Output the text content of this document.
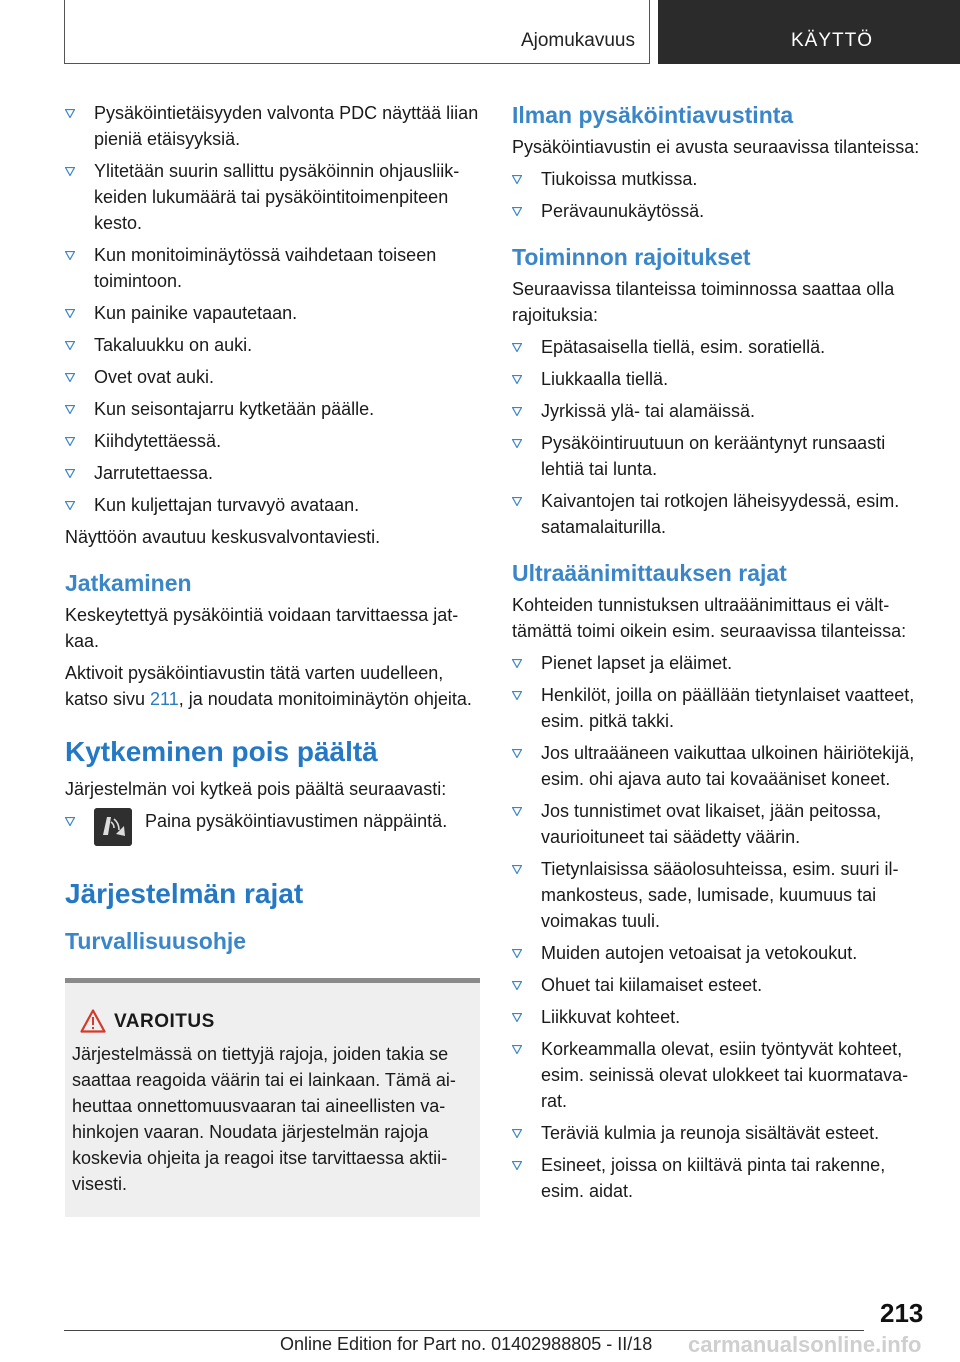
Ajomukavuus	KÄYTTÖ
Pysäköintietäisyyden valvonta PDC näyttää liian pieniä etäisyyksiä.
Ylitetään suurin sallittu pysäköinnin ohjausliikkeiden lukumäärä tai pysäköintitoimenpiteen kesto.
Kun monitoiminäytössä vaihdetaan toiseen toimintoon.
Kun painike vapautetaan.
Takaluukku on auki.
Ovet ovat auki.
Kun seisontajarru kytketään päälle.
Kiihdytettäessä.
Jarrutettaessa.
Kun kuljettajan turvavyö avataan.

Näyttöön avautuu keskusvalvontaviesti.

Jatkaminen

Keskeytettyä pysäköintiä voidaan tarvittaessa jatkaa.

Aktivoit pysäköintiavustin tätä varten uudelleen, katso sivu 211, ja noudata monitoiminäytön ohjeita.

Kytkeminen pois päältä

Järjestelmän voi kytkeä pois päältä seuraavasti:

Paina pysäköintiavustimen näppäintä.
Järjestelmän rajat
Turvallisuusohje
VAROITUS

Järjestelmässä on tiettyjä rajoja, joiden takia se saattaa reagoida väärin tai ei lainkaan. Tämä aiheuttaa onnettomuusvaaran tai aineellisten vahinkojen vaaran. Noudata järjestelmän rajoja koskevia ohjeita ja reagoi itse tarvittaessa aktiivisesti.

Ilman pysäköintiavustinta

Pysäköintiavustin ei avusta seuraavissa tilanteissa:

Tiukoissa mutkissa.
Perävaunukäytössä.
Toiminnon rajoitukset

Seuraavissa tilanteissa toiminnossa saattaa olla rajoituksia:

Epätasaisella tiellä, esim. soratiellä.
Liukkaalla tiellä.
Jyrkissä ylä- tai alamäissä.
Pysäköintiruutuun on kerääntynyt runsaasti lehtiä tai lunta.
Kaivantojen tai rotkojen läheisyydessä, esim. satamalaiturilla.
Ultraäänimittauksen rajat

Kohteiden tunnistuksen ultraäänimittaus ei välttämättä toimi oikein esim. seuraavissa tilanteissa:

Pienet lapset ja eläimet.
Henkilöt, joilla on päällään tietynlaiset vaatteet, esim. pitkä takki.
Jos ultraääneen vaikuttaa ulkoinen häiriötekijä, esim. ohi ajava auto tai kovaääniset koneet.
Jos tunnistimet ovat likaiset, jään peitossa, vaurioituneet tai säädetty väärin.
Tietynlaisissa sääolosuhteissa, esim. suuri ilmankosteus, sade, lumisade, kuumuus tai voimakas tuuli.
Muiden autojen vetoaisat ja vetokoukut.
Ohuet tai kiilamaiset esteet.
Liikkuvat kohteet.
Korkeammalla olevat, esiin työntyvät kohteet, esim. seinissä olevat ulokkeet tai kuormatavarat.
Teräviä kulmia ja reunoja sisältävät esteet.
Esineet, joissa on kiiltävä pinta tai rakenne, esim. aidat.
213
Online Edition for Part no. 01402988805 - II/18 carmanualsonline.info
